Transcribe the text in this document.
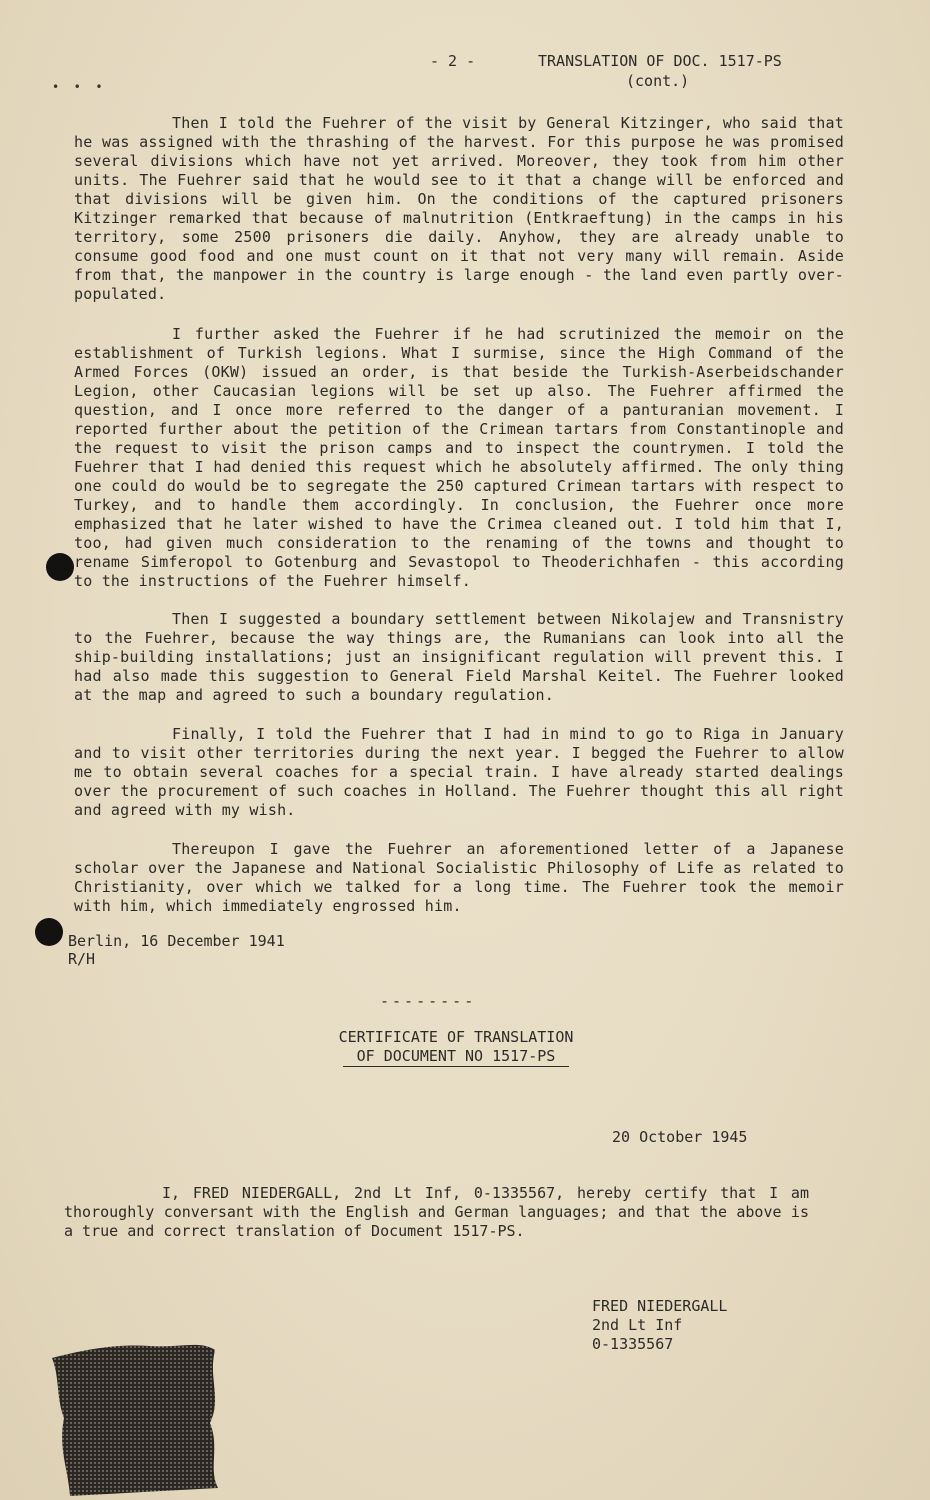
•  •  •
- 2 -	TRANSLATION OF DOC. 1517-PS
(cont.)
Then I told the Fuehrer of the visit by General Kitzinger, who said that he was assigned with the thrashing of the harvest. For this purpose he was promised several divisions which have not yet arrived. Moreover, they took from him other units. The Fuehrer said that he would see to it that a change will be enforced and that divisions will be given him. On the conditions of the captured prisoners Kitzinger remarked that because of malnutrition (Entkraeftung) in the camps in his territory, some 2500 prisoners die daily. Anyhow, they are already unable to consume good food and one must count on it that not very many will remain. Aside from that, the manpower in the country is large enough - the land even partly over-populated.
I further asked the Fuehrer if he had scrutinized the memoir on the establishment of Turkish legions. What I surmise, since the High Command of the Armed Forces (OKW) issued an order, is that beside the Turkish-Aserbeidschander Legion, other Caucasian legions will be set up also. The Fuehrer affirmed the question, and I once more referred to the danger of a panturanian movement. I reported further about the petition of the Crimean tartars from Constantinople and the request to visit the prison camps and to inspect the countrymen. I told the Fuehrer that I had denied this request which he absolutely affirmed. The only thing one could do would be to segregate the 250 captured Crimean tartars with respect to Turkey, and to handle them accordingly. In conclusion, the Fuehrer once more emphasized that he later wished to have the Crimea cleaned out. I told him that I, too, had given much consideration to the renaming of the towns and thought to rename Simferopol to Gotenburg and Sevastopol to Theoderichhafen - this according to the instructions of the Fuehrer himself.
Then I suggested a boundary settlement between Nikolajew and Transnistry to the Fuehrer, because the way things are, the Rumanians can look into all the ship-building installations; just an insignificant regulation will prevent this. I had also made this suggestion to General Field Marshal Keitel. The Fuehrer looked at the map and agreed to such a boundary regulation.
Finally, I told the Fuehrer that I had in mind to go to Riga in January and to visit other territories during the next year. I begged the Fuehrer to allow me to obtain several coaches for a special train. I have already started dealings over the procurement of such coaches in Holland. The Fuehrer thought this all right and agreed with my wish.
Thereupon I gave the Fuehrer an aforementioned letter of a Japanese scholar over the Japanese and National Socialistic Philosophy of Life as related to Christianity, over which we talked for a long time. The Fuehrer took the memoir with him, which immediately engrossed him.
Berlin, 16 December 1941
R/H
--------
CERTIFICATE OF TRANSLATION
OF DOCUMENT NO 1517-PS
20 October 1945
I, FRED NIEDERGALL, 2nd Lt Inf, 0-1335567, hereby certify that I am thoroughly conversant with the English and German languages; and that the above is a true and correct translation of Document 1517-PS.
FRED NIEDERGALL
2nd Lt Inf
0-1335567
